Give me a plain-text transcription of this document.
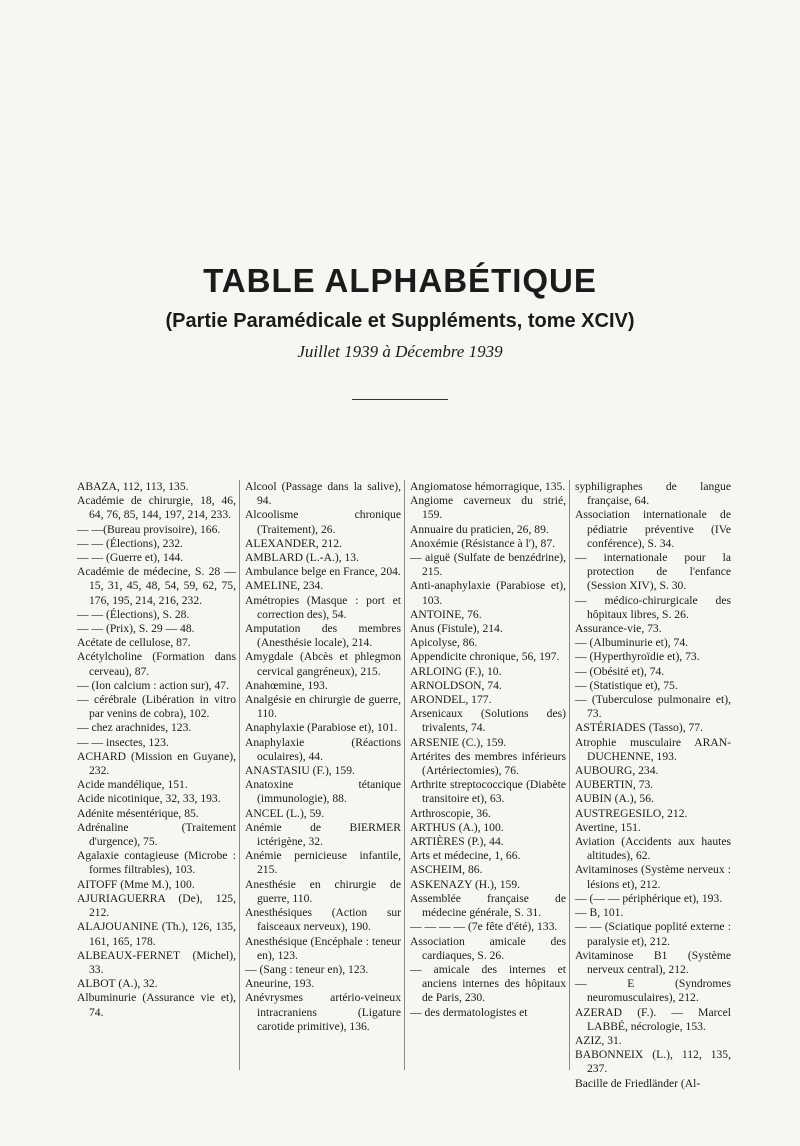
TABLE ALPHABÉTIQUE
(Partie Paramédicale et Suppléments, tome XCIV)
Juillet 1939 à Décembre 1939
ABAZA, 112, 113, 135.
Académie de chirurgie, 18, 46, 64, 76, 85, 144, 197, 214, 233.
— —(Bureau provisoire), 166.
— — (Élections), 232.
— — (Guerre et), 144.
Académie de médecine, S. 28 — 15, 31, 45, 48, 54, 59, 62, 75, 176, 195, 214, 216, 232.
— — (Élections), S. 28.
— — (Prix), S. 29 — 48.
Acétate de cellulose, 87.
Acétylcholine (Formation dans cerveau), 87.
— (Ion calcium : action sur), 47.
— cérébrale (Libération in vitro par venins de cobra), 102.
— chez arachnides, 123.
— — insectes, 123.
ACHARD (Mission en Guyane), 232.
Acide mandélique, 151.
Acide nicotinique, 32, 33, 193.
Adénite mésentérique, 85.
Adrénaline (Traitement d'urgence), 75.
Agalaxie contagieuse (Microbe : formes filtrables), 103.
AITOFF (Mme M.), 100.
AJURIAGUERRA (De), 125, 212.
ALAJOUANINE (Th.), 126, 135, 161, 165, 178.
ALBEAUX-FERNET (Michel), 33.
ALBOT (A.), 32.
Albuminurie (Assurance vie et), 74.
Alcool (Passage dans la salive), 94.
Alcoolisme chronique (Traitement), 26.
ALEXANDER, 212.
AMBLARD (L.-A.), 13.
Ambulance belge en France, 204.
AMELINE, 234.
Amétropies (Masque : port et correction des), 54.
Amputation des membres (Anesthésie locale), 214.
Amygdale (Abcès et phlegmon cervical gangréneux), 215.
Anahœmine, 193.
Analgésie en chirurgie de guerre, 110.
Anaphylaxie (Parabiose et), 101.
Anaphylaxie (Réactions oculaires), 44.
ANASTASIU (F.), 159.
Anatoxine tétanique (immunologie), 88.
ANCEL (L.), 59.
Anémie de BIERMER ictérigène, 32.
Anémie pernicieuse infantile, 215.
Anesthésie en chirurgie de guerre, 110.
Anesthésiques (Action sur faisceaux nerveux), 190.
Anesthésique (Encéphale : teneur en), 123.
— (Sang : teneur en), 123.
Aneurine, 193.
Anévrysmes artério-veineux intracraniens (Ligature carotide primitive), 136.
Angiomatose hémorragique, 135.
Angiome caverneux du strié, 159.
Annuaire du praticien, 26, 89.
Anoxémie (Résistance à l'), 87.
— aiguë (Sulfate de benzédrine), 215.
Anti-anaphylaxie (Parabiose et), 103.
ANTOINE, 76.
Anus (Fistule), 214.
Apicolyse, 86.
Appendicite chronique, 56, 197.
ARLOING (F.), 10.
ARNOLDSON, 74.
ARONDEL, 177.
Arsenicaux (Solutions des) trivalents, 74.
ARSENIE (C.), 159.
Artérites des membres inférieurs (Artériectomies), 76.
Arthrite streptococcique (Diabète transitoire et), 63.
Arthroscopie, 36.
ARTHUS (A.), 100.
ARTIÈRES (P.), 44.
Arts et médecine, 1, 66.
ASCHEIM, 86.
ASKENAZY (H.), 159.
Assemblée française de médecine générale, S. 31.
— — — — (7e fête d'été), 133.
Association amicale des cardiaques, S. 26.
— amicale des internes et anciens internes des hôpitaux de Paris, 230.
— des dermatologistes et
syphiligraphes de langue française, 64.
Association internationale de pédiatrie préventive (IVe conférence), S. 34.
— internationale pour la protection de l'enfance (Session XIV), S. 30.
— médico-chirurgicale des hôpitaux libres, S. 26.
Assurance-vie, 73.
— (Albuminurie et), 74.
— (Hyperthyroïdie et), 73.
— (Obésité et), 74.
— (Statistique et), 75.
— (Tuberculose pulmonaire et), 73.
ASTÉRIADES (Tasso), 77.
Atrophie musculaire ARAN-DUCHENNE, 193.
AUBOURG, 234.
AUBERTIN, 73.
AUBIN (A.), 56.
AUSTREGESILO, 212.
Avertine, 151.
Aviation (Accidents aux hautes altitudes), 62.
Avitaminoses (Système nerveux : lésions et), 212.
— (— — périphérique et), 193.
— B, 101.
— — (Sciatique poplité externe : paralysie et), 212.
Avitaminose B1 (Système nerveux central), 212.
— E (Syndromes neuromusculaires), 212.
AZERAD (F.). — Marcel LABBÉ, nécrologie, 153.
AZIZ, 31.
BABONNEIX (L.), 112, 135, 237.
Bacille de Friedländer (Al-
